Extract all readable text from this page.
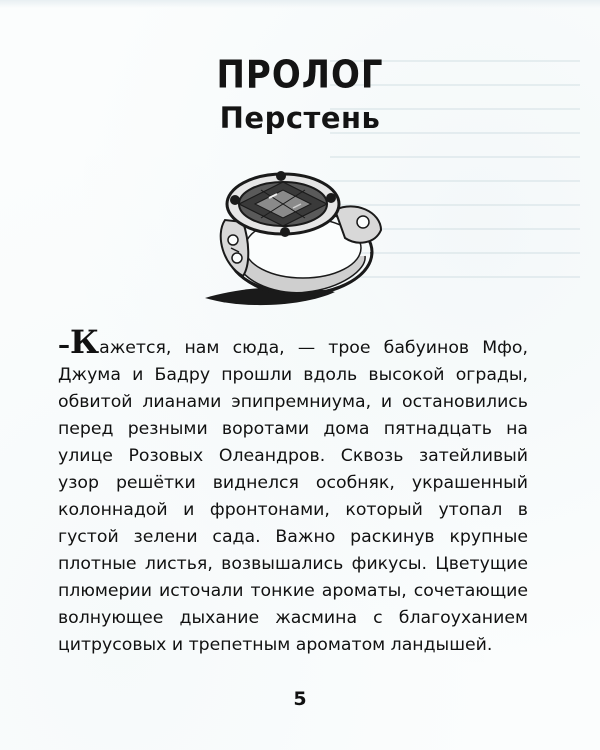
ПРОЛОГ
Перстень

–Кажется, нам сюда, — трое бабуинов Мфо, Джума и Бадру прошли вдоль высокой ограды, обвитой лианами эпипремниума, и остановились перед резными воротами дома пятнадцать на улице Розовых Олеандров. Сквозь затейливый узор решётки виднелся особняк, украшенный колоннадой и фронтонами, который утопал в густой зелени сада. Важно раскинув крупные плотные листья, возвышались фикусы. Цветущие плюмерии источали тонкие ароматы, сочетающие волнующее дыхание жасмина с благоуханием цитрусовых и трепетным ароматом ландышей.

5
